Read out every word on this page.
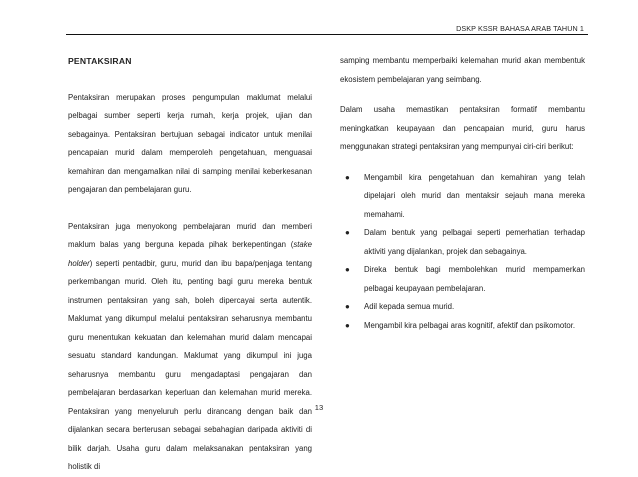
DSKP KSSR BAHASA ARAB TAHUN 1
PENTAKSIRAN

Pentaksiran merupakan proses pengumpulan maklumat melalui pelbagai sumber seperti kerja rumah, kerja projek, ujian dan sebagainya. Pentaksiran bertujuan sebagai indicator untuk menilai pencapaian murid dalam memperoleh pengetahuan, menguasai kemahiran dan mengamalkan nilai di samping menilai keberkesanan pengajaran dan pembelajaran guru.

Pentaksiran juga menyokong pembelajaran murid dan memberi maklum balas yang berguna kepada pihak berkepentingan (stake holder) seperti pentadbir, guru, murid dan ibu bapa/penjaga tentang perkembangan murid. Oleh itu, penting bagi guru mereka bentuk instrumen pentaksiran yang sah, boleh dipercayai serta autentik. Maklumat yang dikumpul melalui pentaksiran seharusnya membantu guru menentukan kekuatan dan kelemahan murid dalam mencapai sesuatu standard kandungan. Maklumat yang dikumpul ini juga seharusnya membantu guru mengadaptasi pengajaran dan pembelajaran berdasarkan keperluan dan kelemahan murid mereka. Pentaksiran yang menyeluruh perlu dirancang dengan baik dan dijalankan secara berterusan sebagai sebahagian daripada aktiviti di bilik darjah. Usaha guru dalam melaksanakan pentaksiran yang holistik di

samping membantu memperbaiki kelemahan murid akan membentuk ekosistem pembelajaran yang seimbang.

Dalam usaha memastikan pentaksiran formatif membantu meningkatkan keupayaan dan pencapaian murid, guru harus menggunakan strategi pentaksiran yang mempunyai ciri-ciri berikut:

● Mengambil kira pengetahuan dan kemahiran yang telah dipelajari oleh murid dan mentaksir sejauh mana mereka memahami.
● Dalam bentuk yang pelbagai seperti pemerhatian terhadap aktiviti yang dijalankan, projek dan sebagainya.
● Direka bentuk bagi membolehkan murid mempamerkan pelbagai keupayaan pembelajaran.
● Adil kepada semua murid.
● Mengambil kira pelbagai aras kognitif, afektif dan psikomotor.
13
